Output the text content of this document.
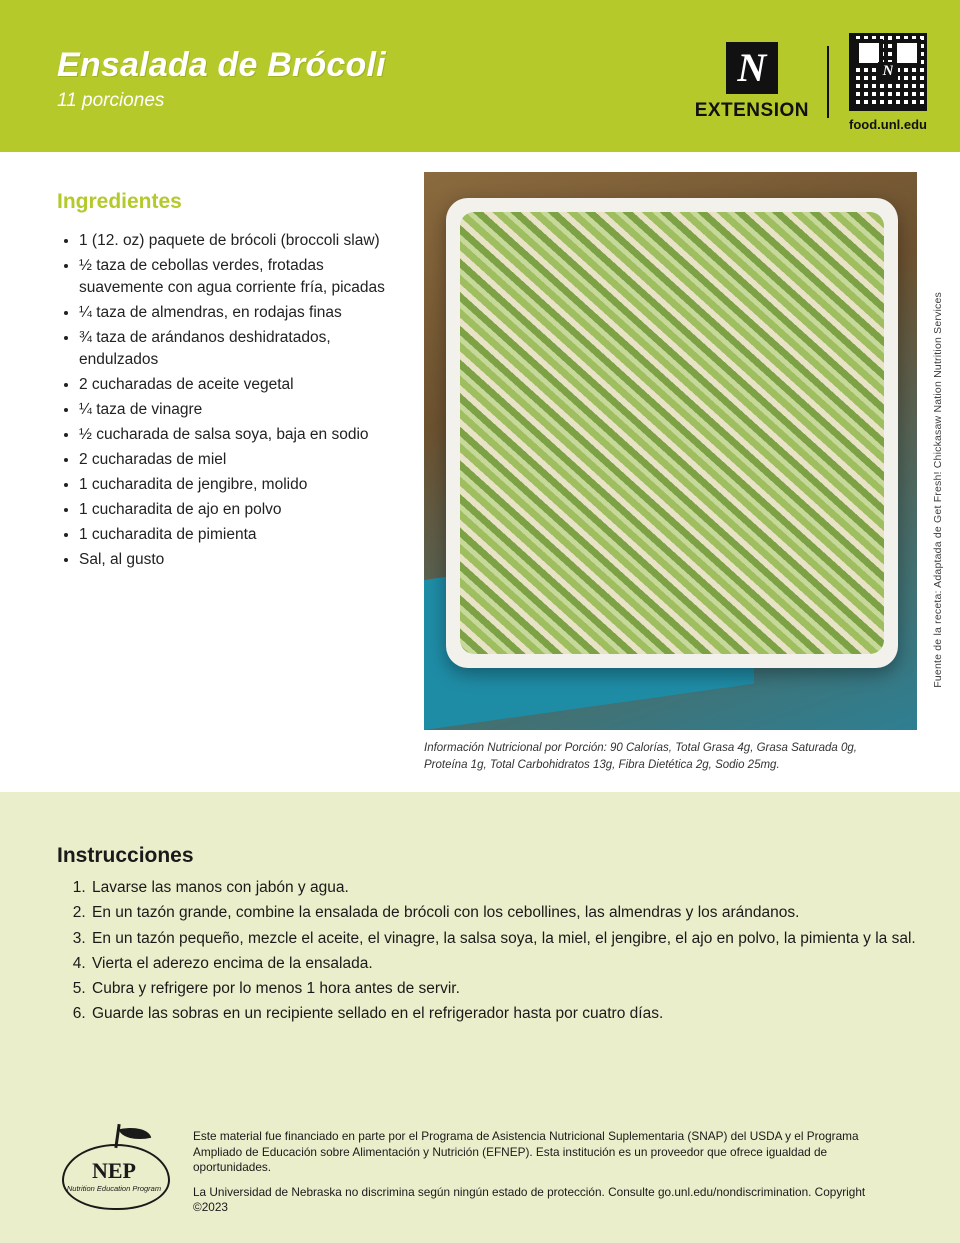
Ensalada de Brócoli
11 porciones
N
EXTENSION
N
food.unl.edu
Ingredientes
• 1 (12. oz) paquete de brócoli (broccoli slaw)
• ½ taza de cebollas verdes, frotadas suavemente con agua corriente fría, picadas
• ¼ taza de almendras, en rodajas finas
• ¾ taza de arándanos deshidratados, endulzados
• 2 cucharadas de aceite vegetal
• ¼ taza de vinagre
• ½ cucharada de salsa soya, baja en sodio
• 2 cucharadas de miel
• 1 cucharadita de jengibre, molido
• 1 cucharadita de ajo en polvo
• 1 cucharadita de pimienta
• Sal, al gusto	Fuente de la receta: Adaptada de Get Fresh! Chickasaw Nation Nutrition Services
Información Nutricional por Porción: 90 Calorías, Total Grasa 4g, Grasa Saturada 0g, Proteína 1g, Total Carbohidratos 13g, Fibra Dietética 2g, Sodio 25mg.
Instrucciones
1. Lavarse las manos con jabón y agua.
2. En un tazón grande, combine la ensalada de brócoli con los cebollines, las almendras y los arándanos.
3. En un tazón pequeño, mezcle el aceite, el vinagre, la salsa soya, la miel, el jengibre, el ajo en polvo, la pimienta y la sal.
4. Vierta el aderezo encima de la ensalada.
5. Cubra y refrigere por lo menos 1 hora antes de servir.
6. Guarde las sobras en un recipiente sellado en el refrigerador hasta por cuatro días.
NEP
Nutrition Education Program

Este material fue financiado en parte por el Programa de Asistencia Nutricional Suplementaria (SNAP) del USDA y el Programa Ampliado de Educación sobre Alimentación y Nutrición (EFNEP). Esta institución es un proveedor que ofrece igualdad de oportunidades.

La Universidad de Nebraska no discrimina según ningún estado de protección. Consulte go.unl.edu/nondiscrimination. Copyright ©2023
